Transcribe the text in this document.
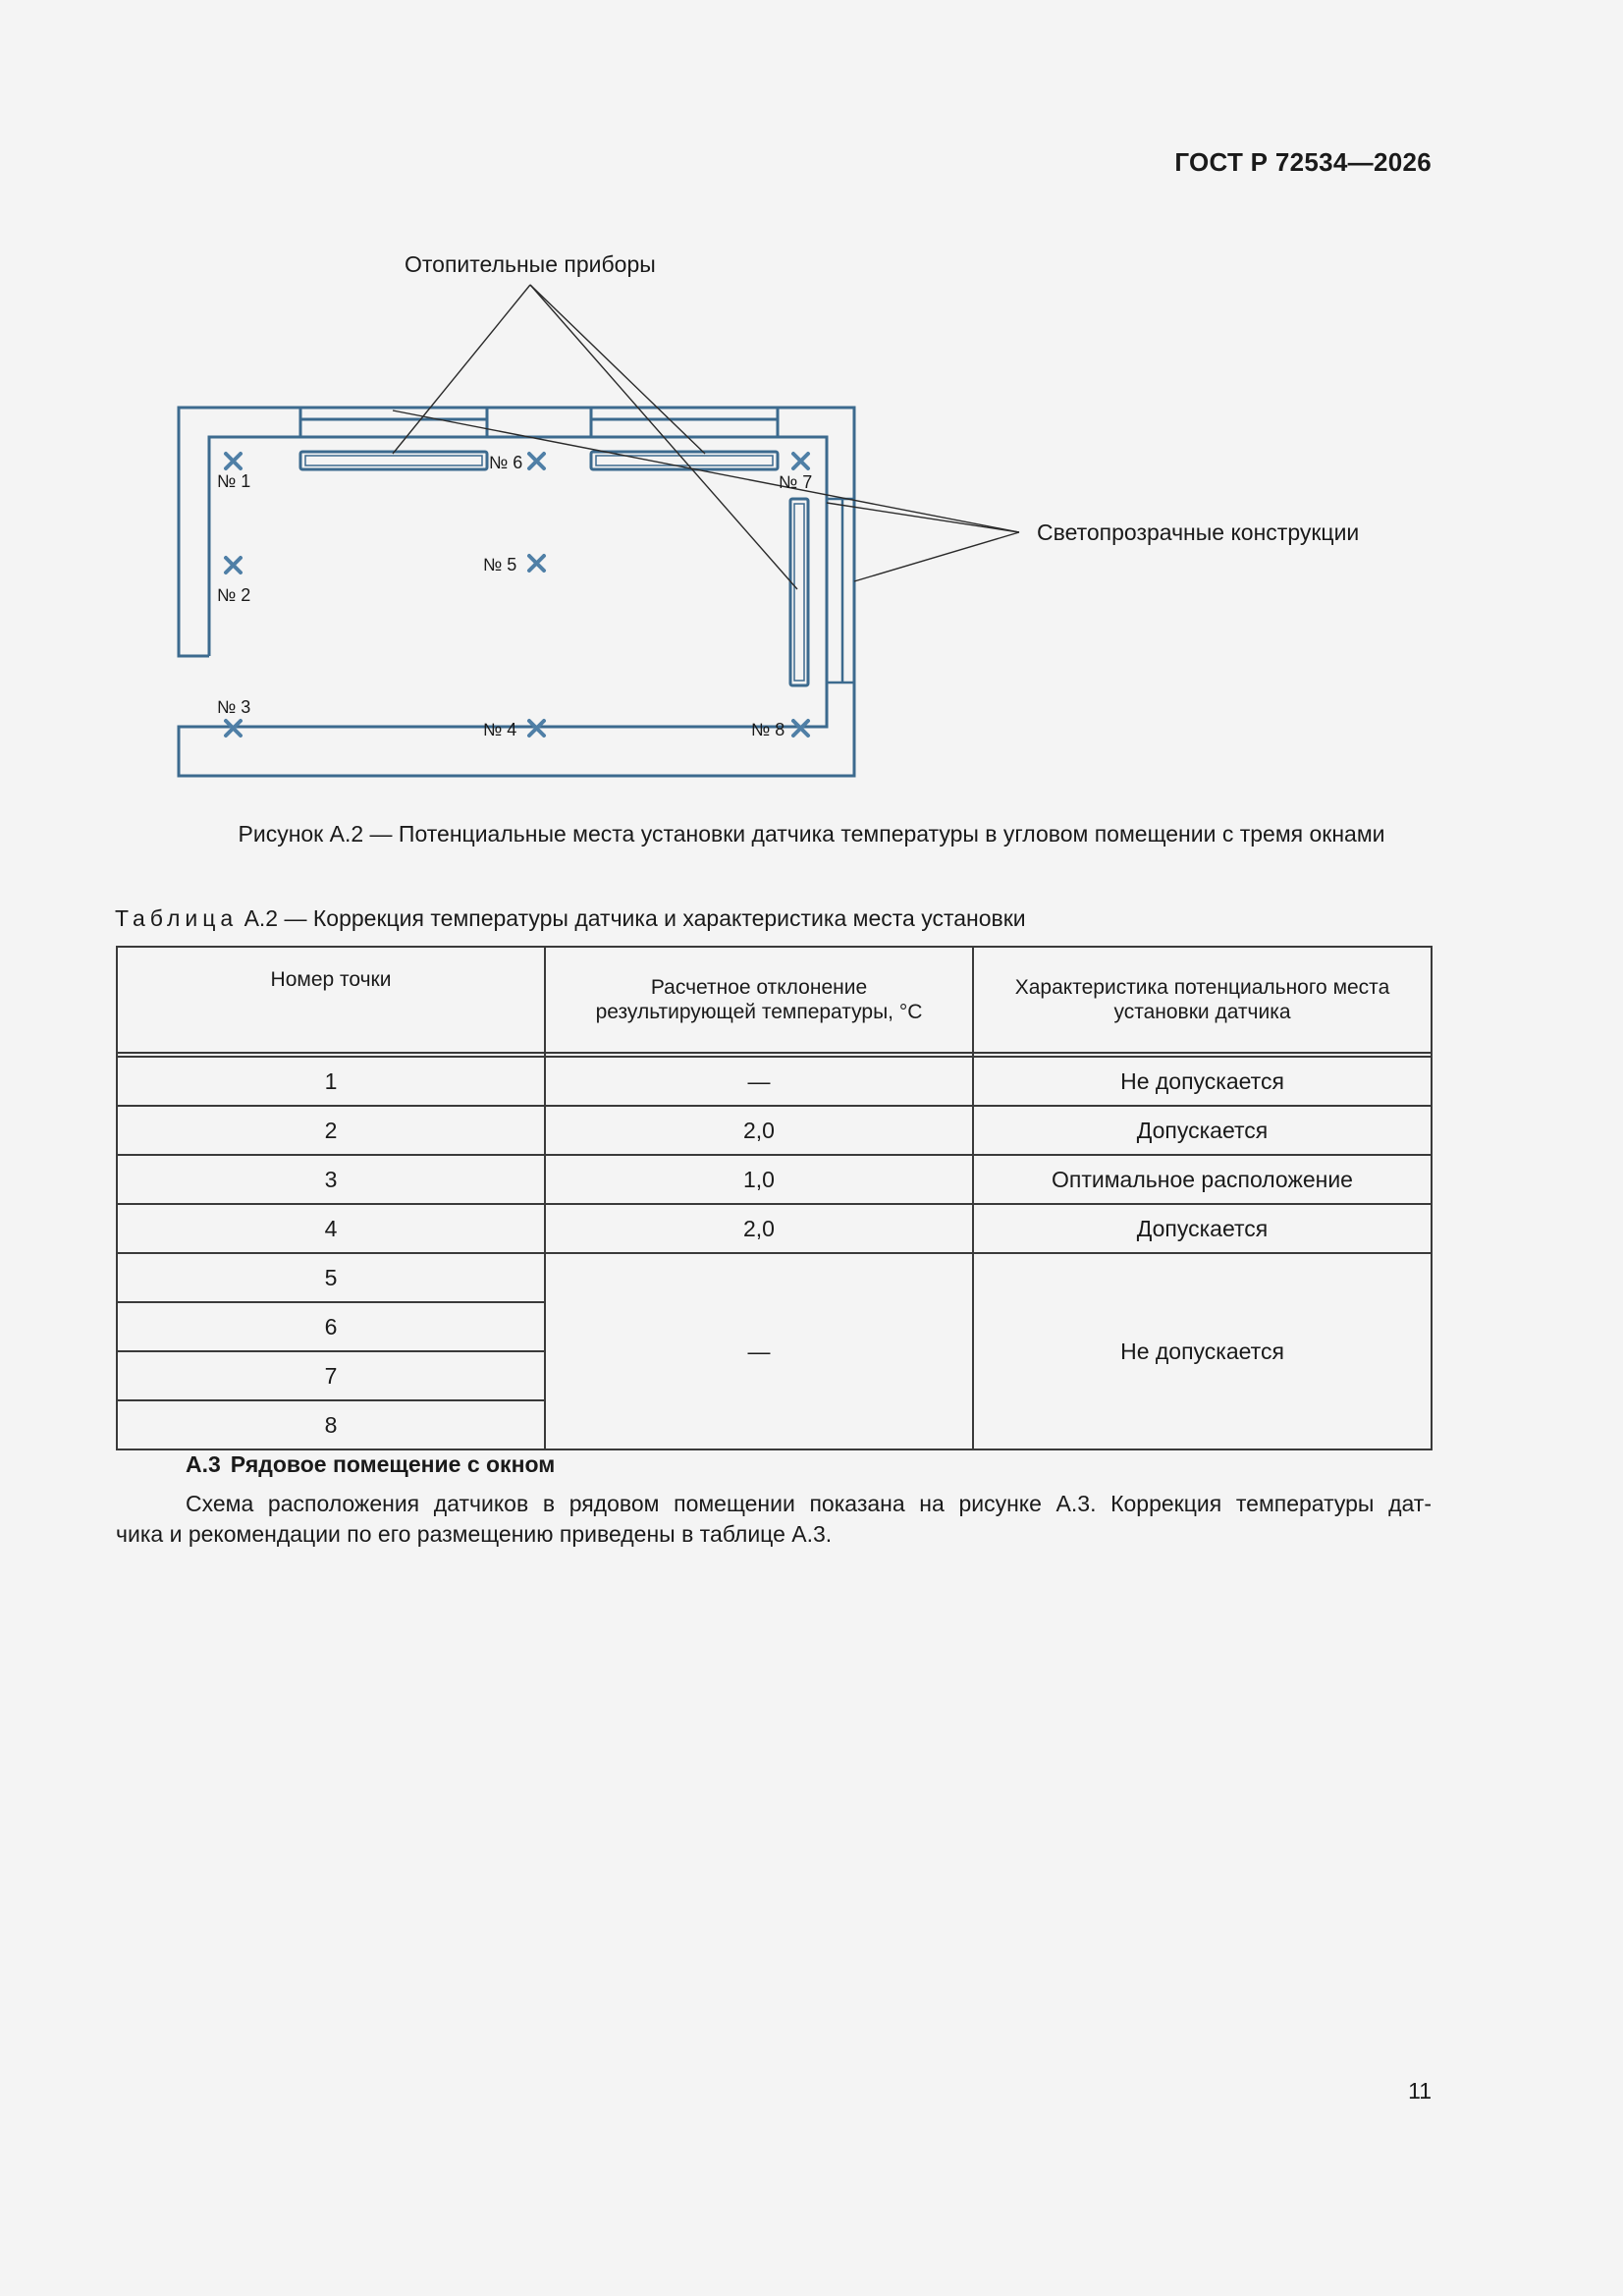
ГОСТ Р 72534—2026
Отопительные приборы
Светопрозрачные конструкции
№ 1
№ 2
№ 3
№ 4
№ 5
№ 6
№ 7
№ 8
Рисунок А.2 — Потенциальные места установки датчика температуры в угловом помещении с тремя окнами
Таблица А.2 — Коррекция температуры датчика и характеристика места установки
Номер точки	Расчетное отклонение результирующей температуры, °С	Характеристика потенциального места установки датчика

1	—	Не допускается
2	2,0	Допускается
3	1,0	Оптимальное расположение
4	2,0	Допускается
5	—	Не допускается
6		
7		
8		
А.3 Рядовое помещение с окном
Схема расположения датчиков в рядовом помещении показана на рисунке А.3. Коррекция температуры дат-
чика и рекомендации по его размещению приведены в таблице А.3.
11
